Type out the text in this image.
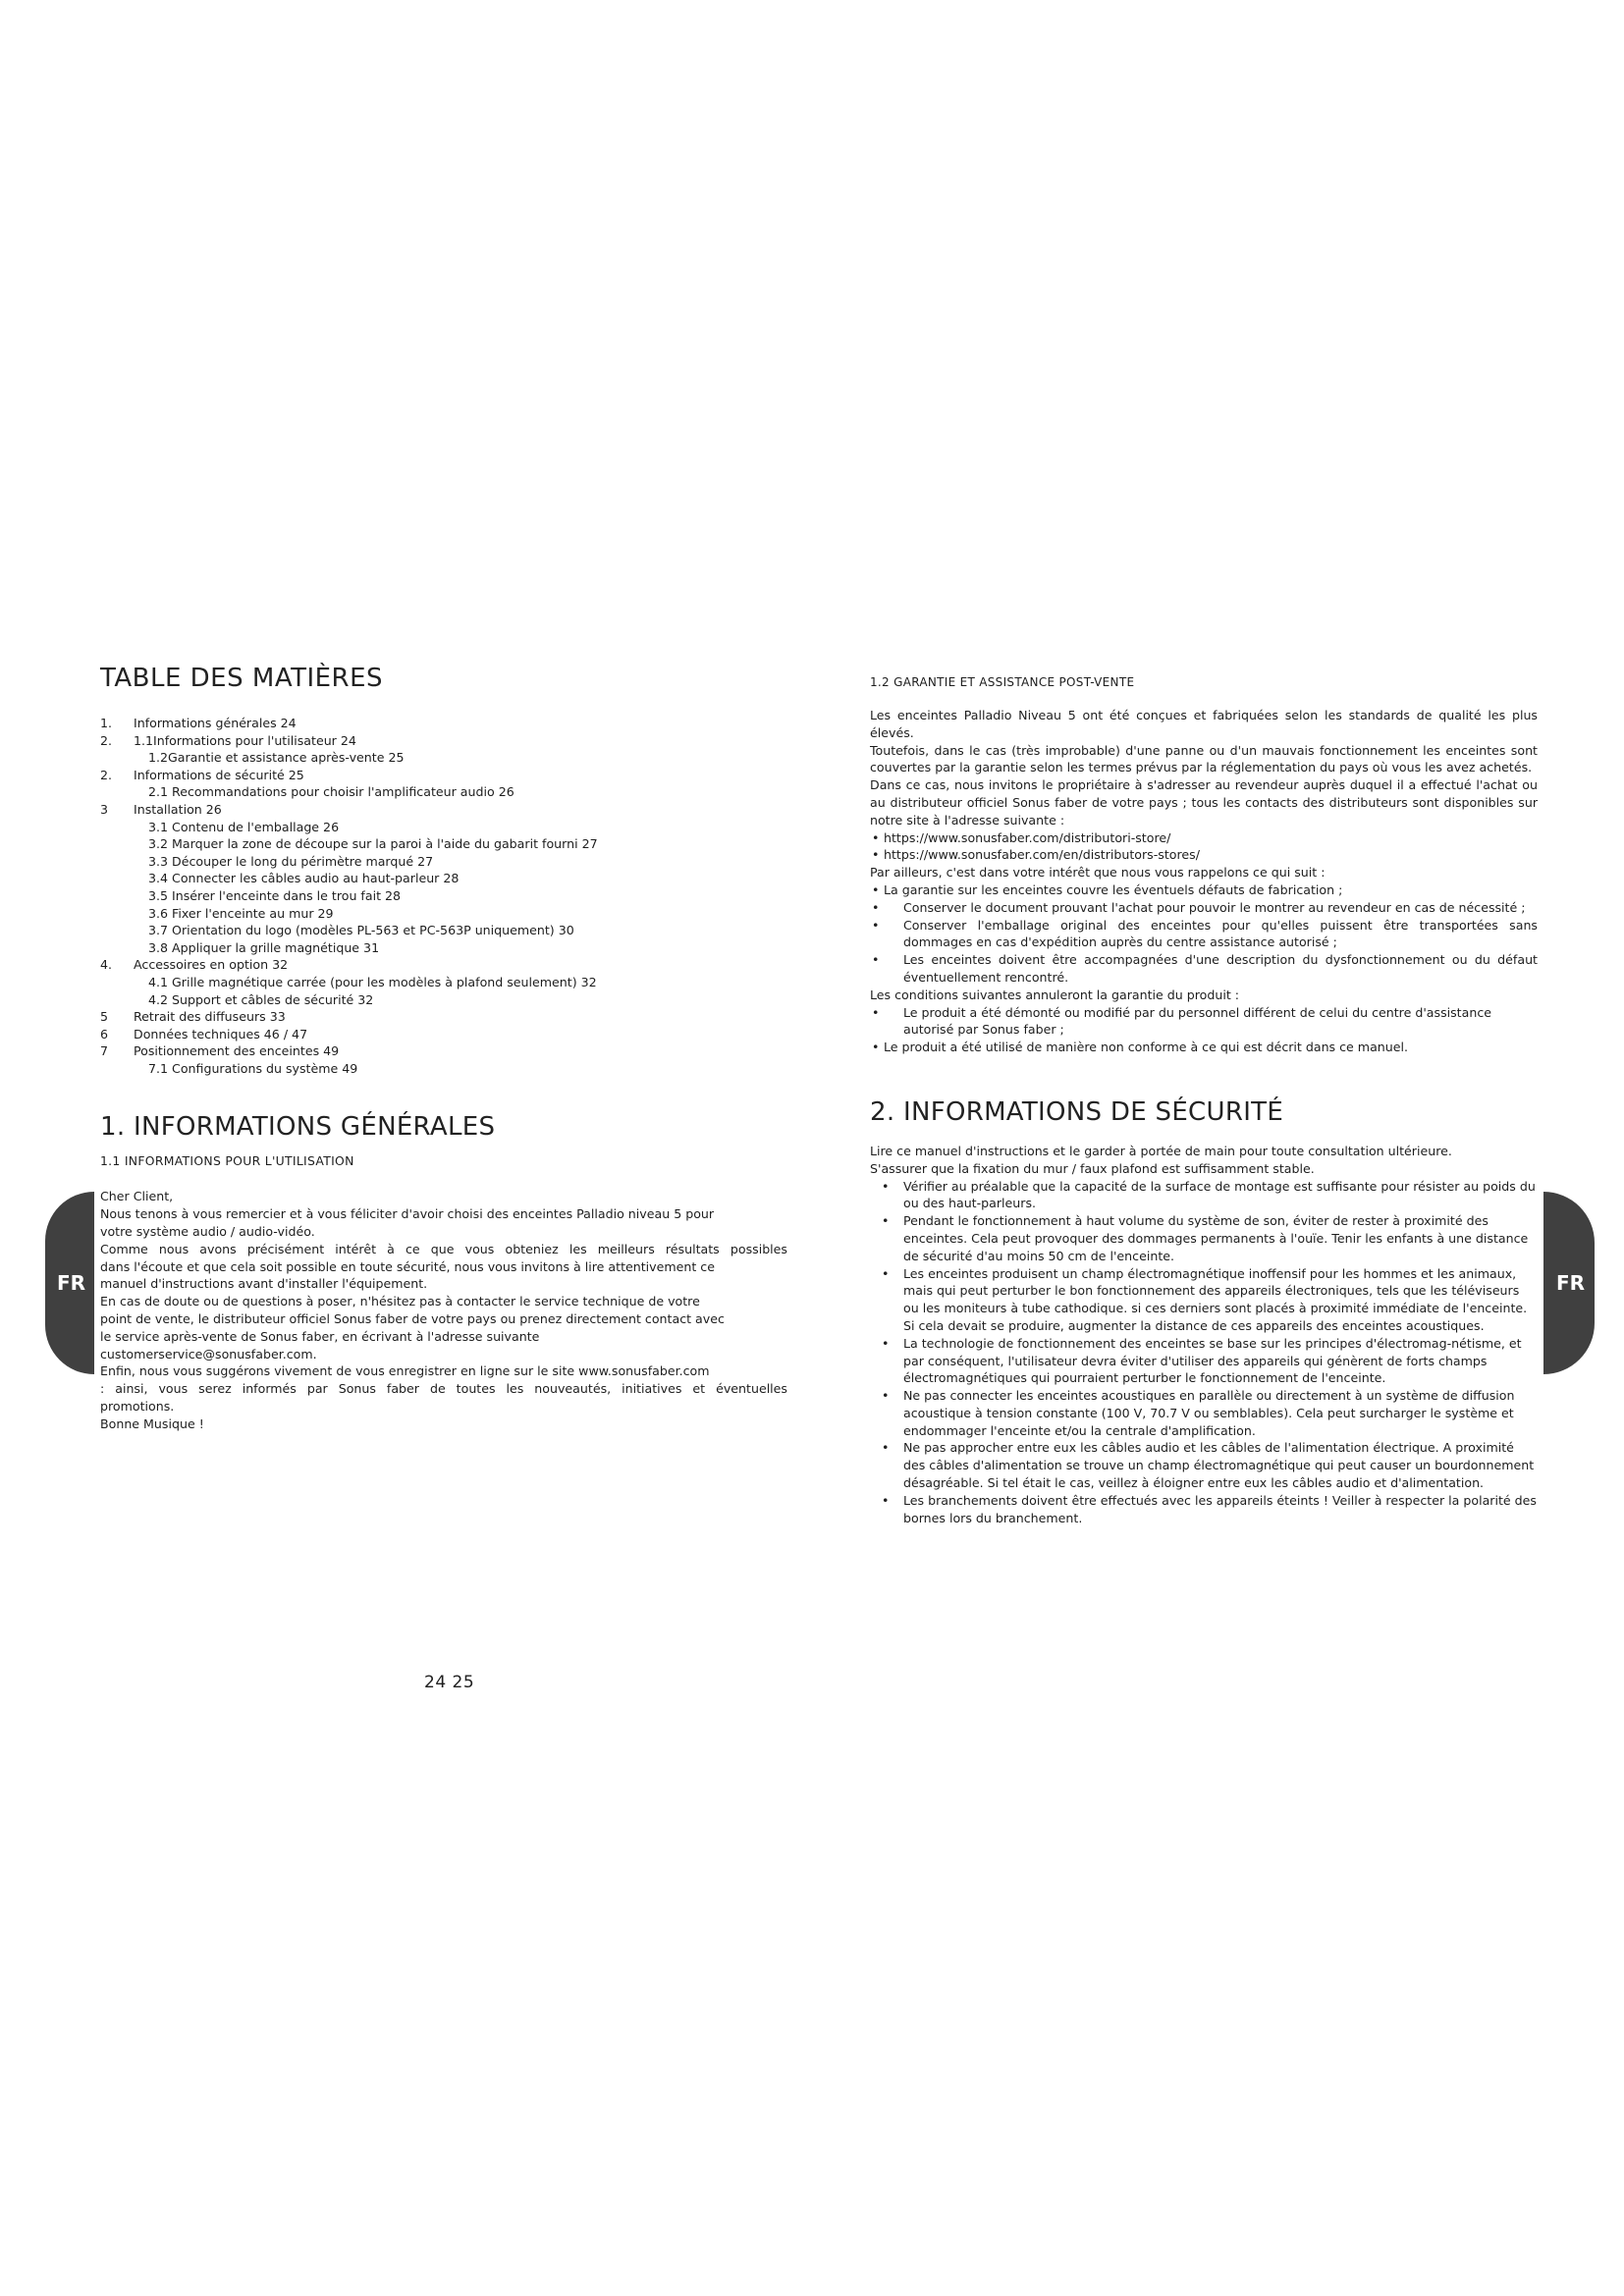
TABLE DES MATIÈRES
1.	Informations générales 24
2.	1.1Informations pour l'utilisateur 24
1.2Garantie et assistance après-vente 25
2.	Informations de sécurité 25
2.1 Recommandations pour choisir l'amplificateur audio 26
3	Installation 26
3.1 Contenu de l'emballage 26
3.2 Marquer la zone de découpe sur la paroi à l'aide du gabarit fourni 27
3.3 Découper le long du périmètre marqué 27
3.4 Connecter les câbles audio au haut-parleur 28
3.5 Insérer l'enceinte dans le trou fait 28
3.6 Fixer l'enceinte au mur 29
3.7 Orientation du logo (modèles PL-563 et PC-563P uniquement) 30
3.8 Appliquer la grille magnétique 31
4.	Accessoires en option 32
4.1 Grille magnétique carrée (pour les modèles à plafond seulement) 32
4.2 Support et câbles de sécurité 32
5	Retrait des diffuseurs 33
6	Données techniques 46 / 47
7	Positionnement des enceintes 49
7.1 Configurations du système 49
1. INFORMATIONS GÉNÉRALES
1.1 INFORMATIONS POUR L'UTILISATION
Cher Client,
Nous tenons à vous remercier et à vous féliciter d'avoir choisi des enceintes Palladio niveau 5 pour
votre système audio / audio-vidéo.
Comme nous avons précisément intérêt à ce que vous obteniez les meilleurs résultats possibles
dans l'écoute et que cela soit possible en toute sécurité, nous vous invitons à lire attentivement ce
manuel d'instructions avant d'installer l'équipement.
En cas de doute ou de questions à poser, n'hésitez pas à contacter le service technique de votre
point de vente, le distributeur officiel Sonus faber de votre pays ou prenez directement contact avec
le service après-vente de Sonus faber, en écrivant à l'adresse suivante
customerservice@sonusfaber.com.
Enfin, nous vous suggérons vivement de vous enregistrer en ligne sur le site www.sonusfaber.com
: ainsi, vous serez informés par Sonus faber de toutes les nouveautés, initiatives et éventuelles
promotions.
Bonne Musique !
1.2 GARANTIE ET ASSISTANCE POST-VENTE
Les enceintes Palladio Niveau 5 ont été conçues et fabriquées selon les standards de qualité les plus élevés.
Toutefois, dans le cas (très improbable) d'une panne ou d'un mauvais fonctionnement les enceintes sont couvertes par la garantie selon les termes prévus par la réglementation du pays où vous les avez achetés.
Dans ce cas, nous invitons le propriétaire à s'adresser au revendeur auprès duquel il a effectué l'achat ou au distributeur officiel Sonus faber de votre pays ; tous les contacts des distributeurs sont disponibles sur notre site à l'adresse suivante :
• https://www.sonusfaber.com/distributori-store/
• https://www.sonusfaber.com/en/distributors-stores/
Par ailleurs, c'est dans votre intérêt que nous vous rappelons ce qui suit :
• La garantie sur les enceintes couvre les éventuels défauts de fabrication ;
• Conserver le document prouvant l'achat pour pouvoir le montrer au revendeur en cas de nécessité ;
• Conserver l'emballage original des enceintes pour qu'elles puissent être transportées sans dommages en cas d'expédition auprès du centre assistance autorisé ;
• Les enceintes doivent être accompagnées d'une description du dysfonctionnement ou du défaut éventuellement rencontré.
Les conditions suivantes annuleront la garantie du produit :
• Le produit a été démonté ou modifié par du personnel différent de celui du centre d'assistance autorisé par Sonus faber ;
• Le produit a été utilisé de manière non conforme à ce qui est décrit dans ce manuel.
2. INFORMATIONS DE SÉCURITÉ
Lire ce manuel d'instructions et le garder à portée de main pour toute consultation ultérieure.
S'assurer que la fixation du mur / faux plafond est suffisamment stable.
• Vérifier au préalable que la capacité de la surface de montage est suffisante pour résister au poids du ou des haut-parleurs.
• Pendant le fonctionnement à haut volume du système de son, éviter de rester à proximité des enceintes. Cela peut provoquer des dommages permanents à l'ouïe. Tenir les enfants à une distance de sécurité d'au moins 50 cm de l'enceinte.
• Les enceintes produisent un champ électromagnétique inoffensif pour les hommes et les animaux, mais qui peut perturber le bon fonctionnement des appareils électroniques, tels que les téléviseurs ou les moniteurs à tube cathodique. si ces derniers sont placés à proximité immédiate de l'enceinte. Si cela devait se produire, augmenter la distance de ces appareils des enceintes acoustiques.
• La technologie de fonctionnement des enceintes se base sur les principes d'électromag-nétisme, et par conséquent, l'utilisateur devra éviter d'utiliser des appareils qui génèrent de forts champs électromagnétiques qui pourraient perturber le fonctionnement de l'enceinte.
• Ne pas connecter les enceintes acoustiques en parallèle ou directement à un système de diffusion acoustique à tension constante (100 V, 70.7 V ou semblables). Cela peut surcharger le système et endommager l'enceinte et/ou la centrale d'amplification.
• Ne pas approcher entre eux les câbles audio et les câbles de l'alimentation électrique. A proximité des câbles d'alimentation se trouve un champ électromagnétique qui peut causer un bourdonnement désagréable. Si tel était le cas, veillez à éloigner entre eux les câbles audio et d'alimentation.
• Les branchements doivent être effectués avec les appareils éteints ! Veiller à respecter la polarité des bornes lors du branchement.
FR	FR
24 25
